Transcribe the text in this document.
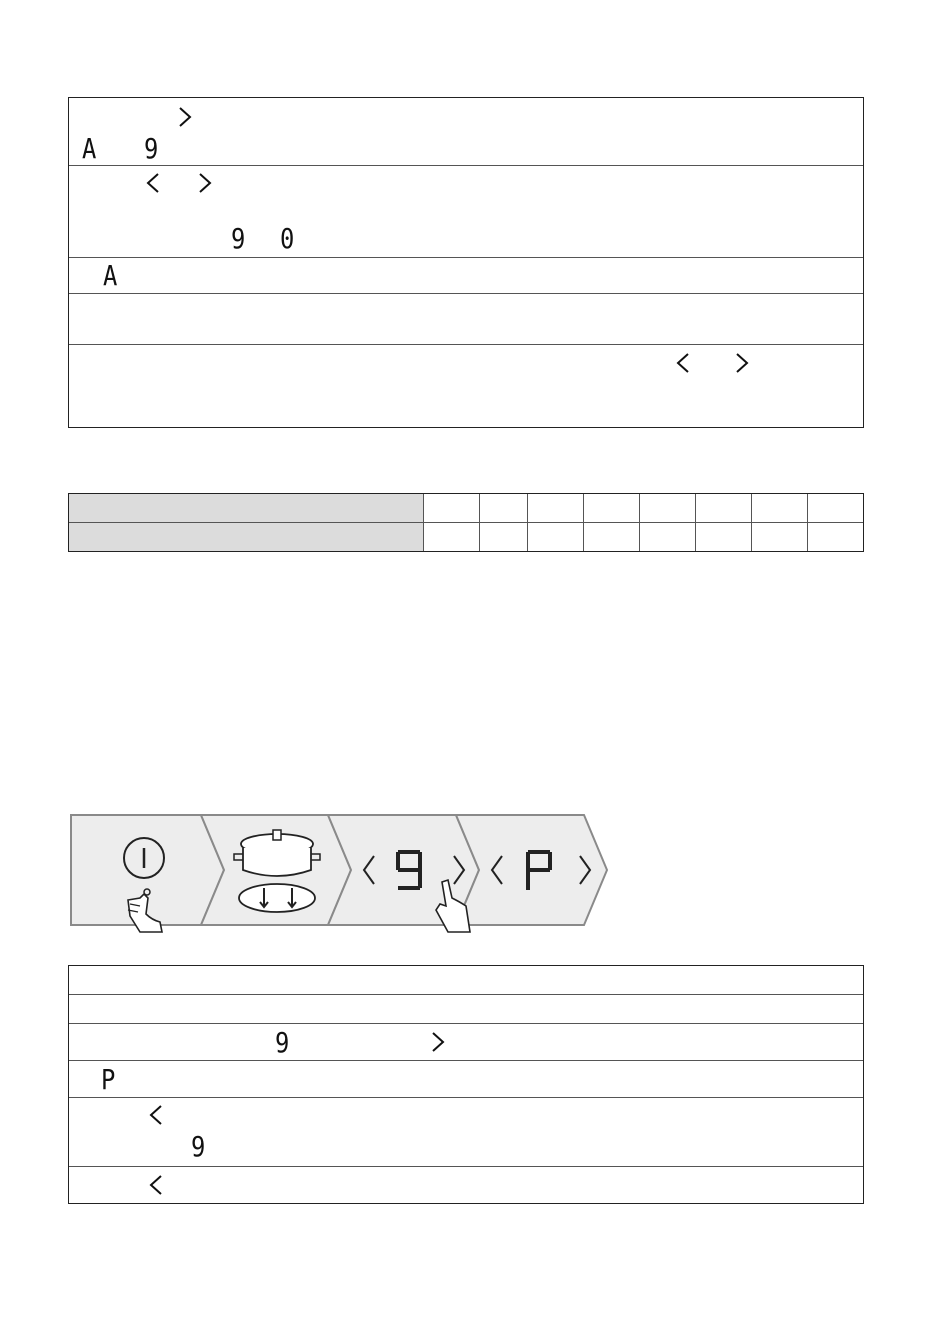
A 9
9 0
A
9
P
9
